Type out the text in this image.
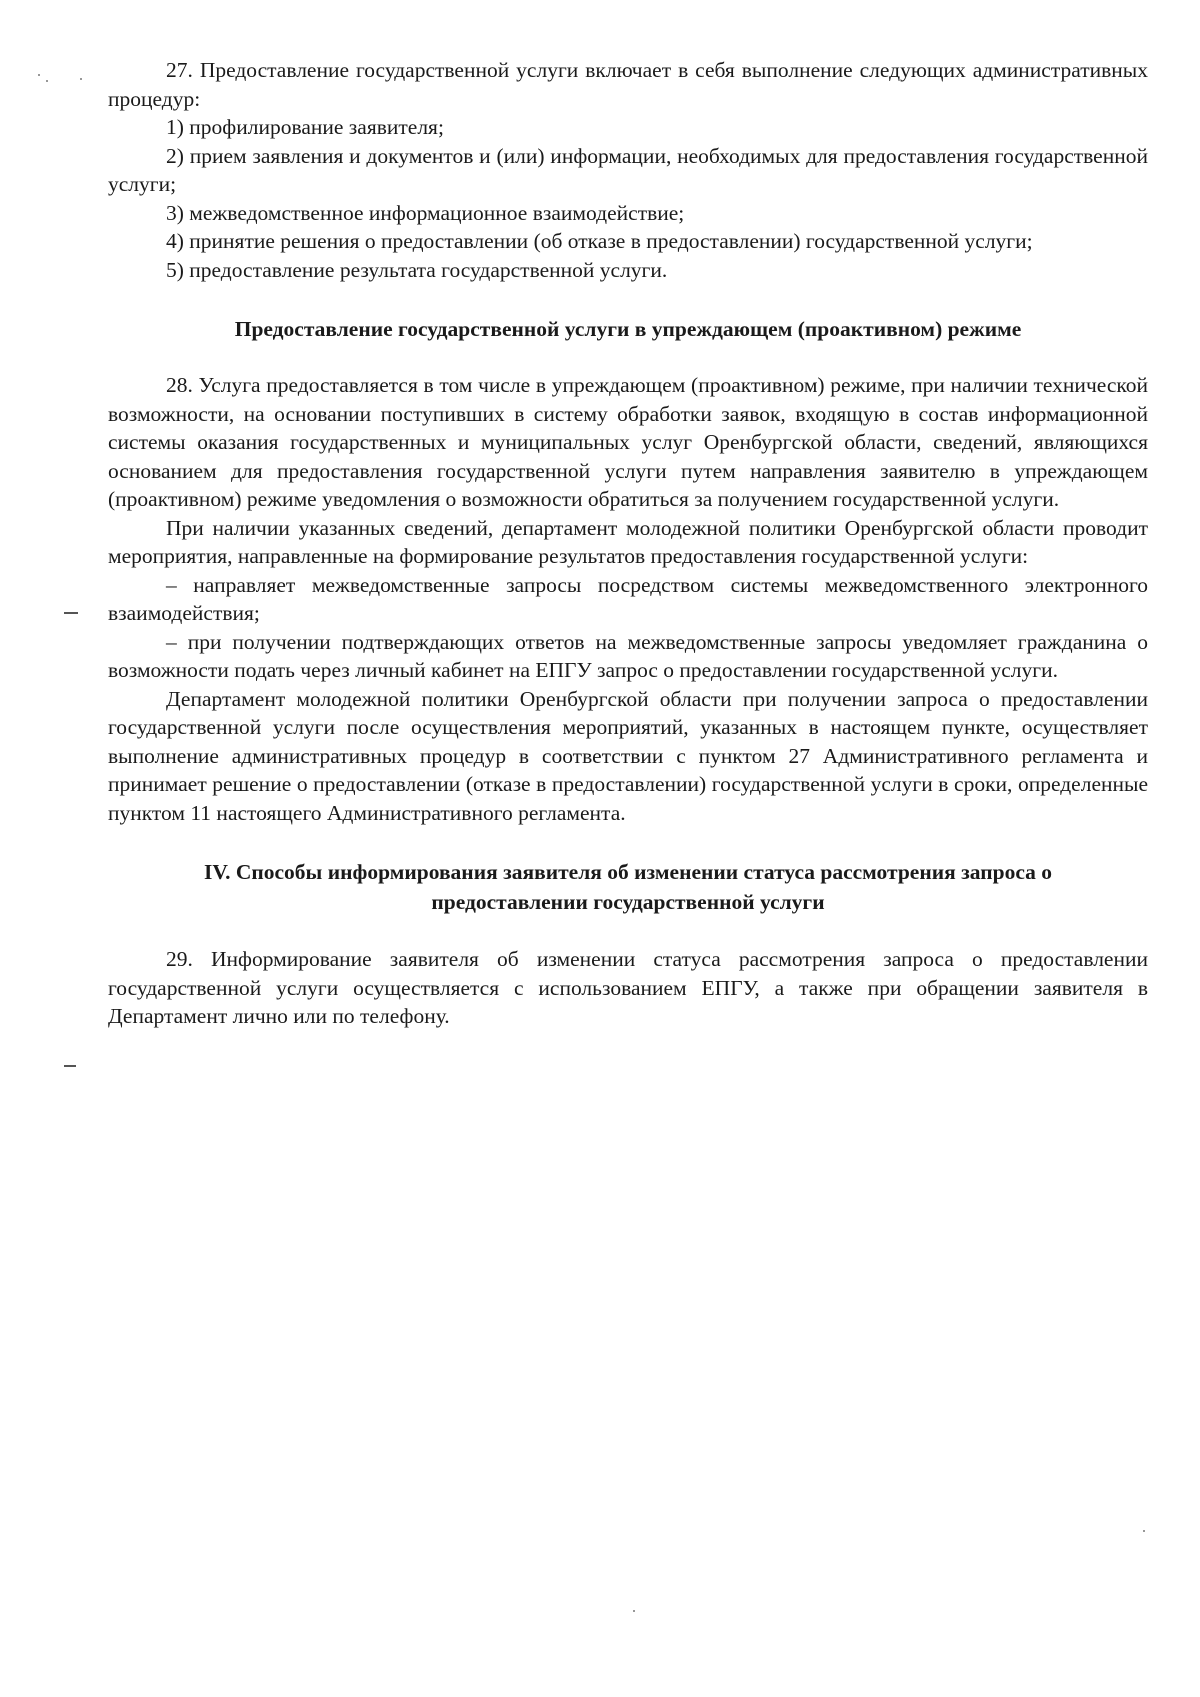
27. Предоставление государственной услуги включает в себя выполнение следующих административных процедур:

1) профилирование заявителя;

2) прием заявления и документов и (или) информации, необходимых для предоставления государственной услуги;

3) межведомственное информационное взаимодействие;

4) принятие решения о предоставлении (об отказе в предоставлении) государственной услуги;

5) предоставление результата государственной услуги.

Предоставление государственной услуги в упреждающем (проактивном) режиме

28. Услуга предоставляется в том числе в упреждающем (проактивном) режиме, при наличии технической возможности, на основании поступивших в систему обработки заявок, входящую в состав информационной системы оказания государственных и муниципальных услуг Оренбургской области, сведений, являющихся основанием для предоставления государственной услуги путем направления заявителю в упреждающем (проактивном) режиме уведомления о возможности обратиться за получением государственной услуги.

При наличии указанных сведений, департамент молодежной политики Оренбургской области проводит мероприятия, направленные на формирование результатов предоставления государственной услуги:

– направляет межведомственные запросы посредством системы межведомственного электронного взаимодействия;

– при получении подтверждающих ответов на межведомственные запросы уведомляет гражданина о возможности подать через личный кабинет на ЕПГУ запрос о предоставлении государственной услуги.

Департамент молодежной политики Оренбургской области при получении запроса о предоставлении государственной услуги после осуществления мероприятий, указанных в настоящем пункте, осуществляет выполнение административных процедур в соответствии с пунктом 27 Административного регламента и принимает решение о предоставлении (отказе в предоставлении) государственной услуги в сроки, определенные пунктом 11 настоящего Административного регламента.

IV. Способы информирования заявителя об изменении статуса рассмотрения запроса о
предоставлении государственной услуги

29. Информирование заявителя об изменении статуса рассмотрения запроса о предоставлении государственной услуги осуществляется с использованием ЕПГУ, а также при обращении заявителя в Департамент лично или по телефону.
